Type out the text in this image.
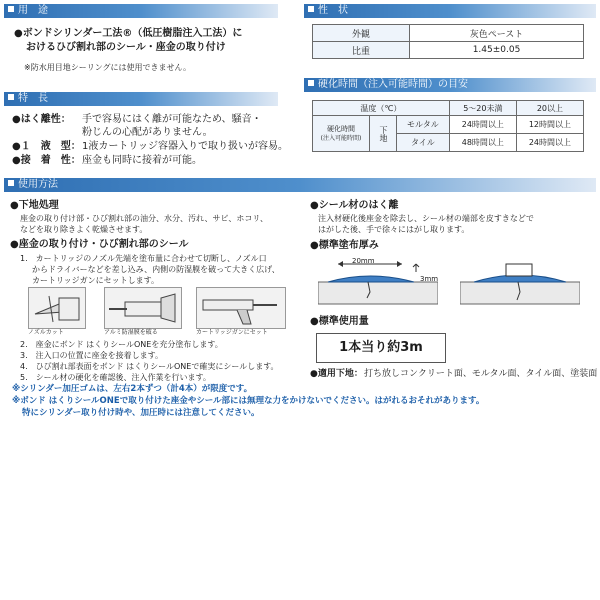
用　途	性　状
硬化時間（注入可能時間）の目安
特　長
使用方法
●ボンドシリンダー工法®（低圧樹脂注入工法）に
おけるひび割れ部のシール・座金の取り付け
※防水用目地シーリングには使用できません。
外観	灰色ペースト
比重	1.45±0.05
温度（℃）			5〜20未満	20以上
硬化時間
(注入可能時間)	下地	モルタル	24時間以上	12時間以上
		タイル	48時間以上	24時間以上
●はく離性： 手で容易にはく離が可能なため、騒音・
粉じんの心配がありません。
●１　液　型： 1液カートリッジ容器入りで取り扱いが容易。
●接　着　性： 座金も同時に接着が可能。
●下地処理
座金の取り付け部・ひび割れ部の油分、水分、汚れ、サビ、ホコリ、
などを取り除きよく乾燥させます。
●座金の取り付け・ひび割れ部のシール
1.　カートリッジのノズル先端を塗布量に合わせて切断し、ノズル口
からドライバーなどを差し込み、内側の防湿膜を破って大きく広げ、
カートリッジガンにセットします。
ノズルカット	アルミ防湿膜を破る	カートリッジガンにセット
2.　座金にボンド はくりシールONEを充分塗布します。
3.　注入口の位置に座金を接着します。
4.　ひび割れ部表面をボンド はくりシールONEで確実にシールします。
5.　シール材の硬化を確認後、注入作業を行います。
※シリンダー加圧ゴムは、左右2本ずつ（計4本）が限度です。
※ボンド はくりシールONEで取り付けた座金やシール部には無理な力をかけないでください。はがれるおそれがあります。
特にシリンダー取り付け時や、加圧時には注意してください。
●シール材のはく離
注入材硬化後座金を除去し、シール材の端部を皮すきなどで
はがした後、手で徐々にはがし取ります。
●標準塗布厚み
20mm
3mm
●標準使用量
1本当り約3m
●適用下地： 打ち放しコンクリート面、モルタル面、タイル面、塗装面
